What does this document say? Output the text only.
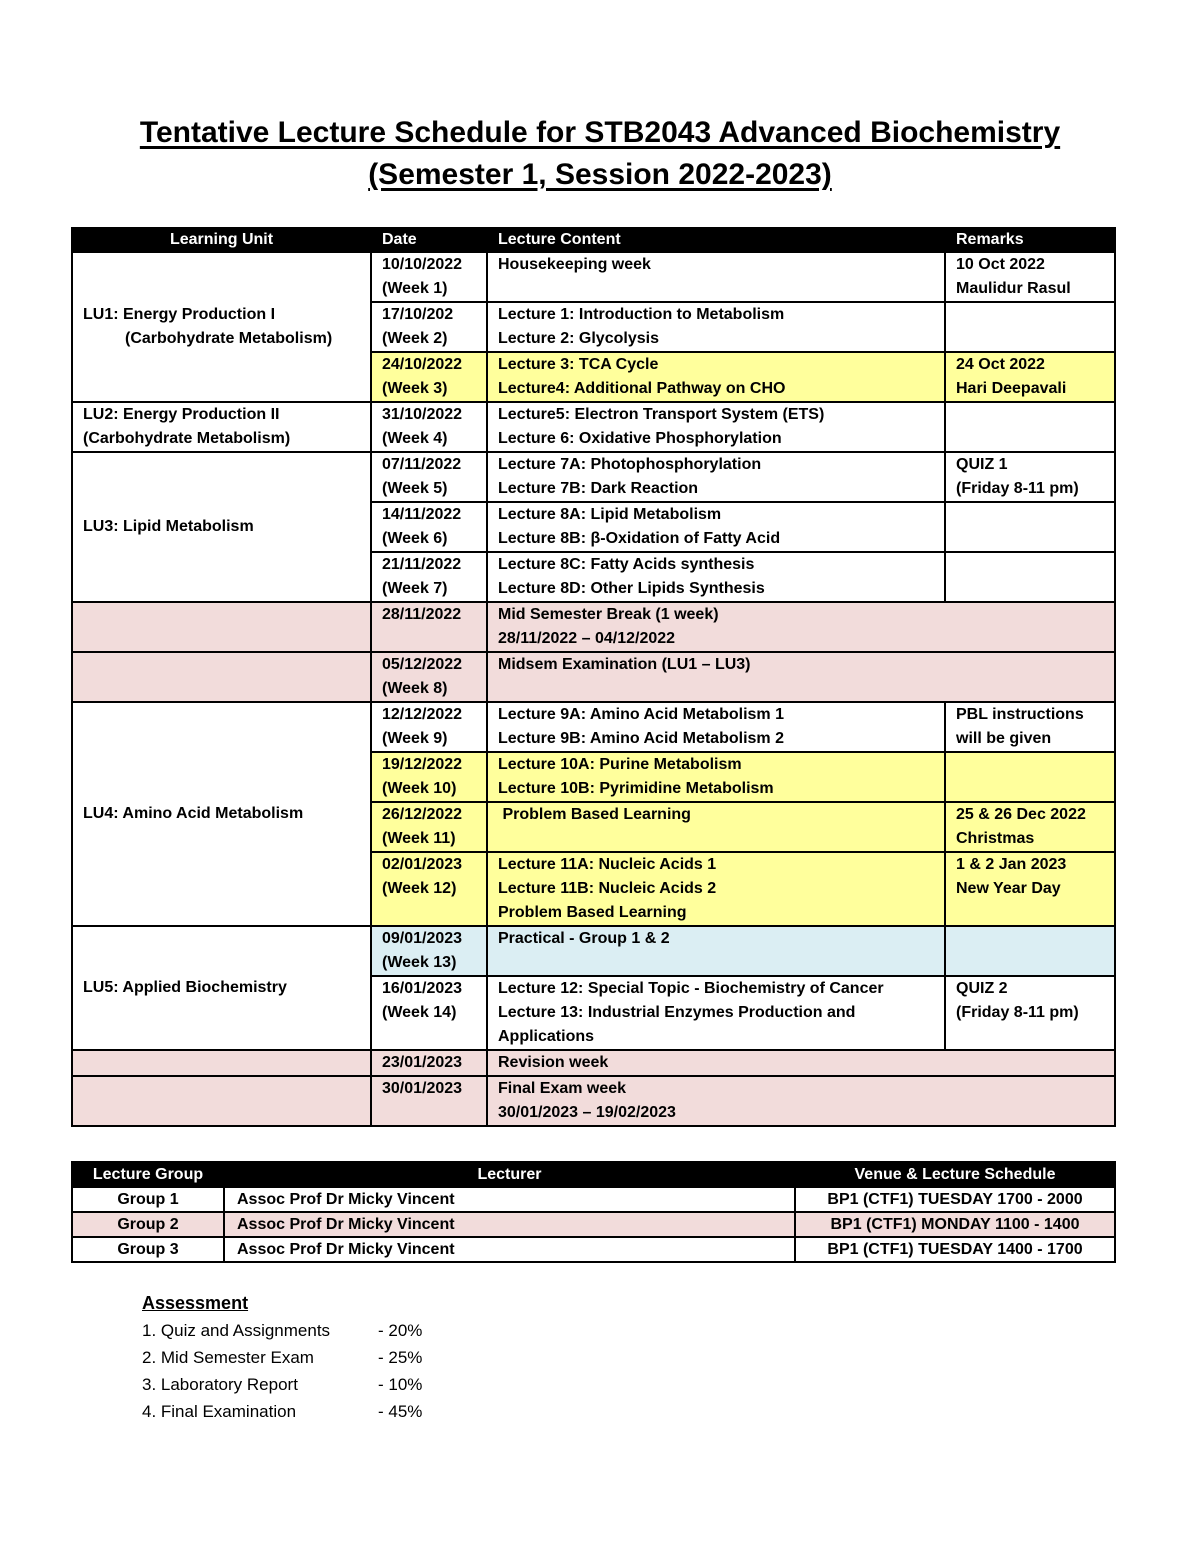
Tentative Lecture Schedule for STB2043 Advanced Biochemistry
(Semester 1, Session 2022-2023)
Learning Unit	Date	Lecture Content	Remarks

LU1: Energy Production I
(Carbohydrate Metabolism)	10/10/2022
(Week 1)	Housekeeping week	10 Oct 2022
Maulidur Rasul

	17/10/202
(Week 2)	Lecture 1: Introduction to Metabolism
Lecture 2: Glycolysis	

	24/10/2022
(Week 3)	Lecture 3: TCA Cycle
Lecture4: Additional Pathway on CHO	24 Oct 2022
Hari Deepavali

LU2: Energy Production II
(Carbohydrate Metabolism)	31/10/2022
(Week 4)	Lecture5: Electron Transport System (ETS)
Lecture 6: Oxidative Phosphorylation	

LU3: Lipid Metabolism	07/11/2022
(Week 5)	Lecture 7A: Photophosphorylation
Lecture 7B: Dark Reaction	QUIZ 1
(Friday 8-11 pm)

	14/11/2022
(Week 6)	Lecture 8A: Lipid Metabolism
Lecture 8B: β-Oxidation of Fatty Acid	

	21/11/2022
(Week 7)	Lecture 8C: Fatty Acids synthesis
Lecture 8D: Other Lipids Synthesis	

	28/11/2022	Mid Semester Break (1 week)
28/11/2022 – 04/12/2022	

	05/12/2022
(Week 8)	Midsem Examination (LU1 – LU3)	

LU4: Amino Acid Metabolism	12/12/2022
(Week 9)	Lecture 9A: Amino Acid Metabolism 1
Lecture 9B: Amino Acid Metabolism 2	PBL instructions
will be given

	19/12/2022
(Week 10)	Lecture 10A: Purine Metabolism
Lecture 10B: Pyrimidine Metabolism	

	26/12/2022
(Week 11)	Problem Based Learning	25 & 26 Dec 2022
Christmas

	02/01/2023
(Week 12)	Lecture 11A: Nucleic Acids 1
Lecture 11B: Nucleic Acids 2
Problem Based Learning	1 & 2 Jan 2023
New Year Day

LU5: Applied Biochemistry	09/01/2023
(Week 13)	Practical - Group 1 & 2	

	16/01/2023
(Week 14)	Lecture 12: Special Topic - Biochemistry of Cancer
Lecture 13: Industrial Enzymes Production and
Applications	QUIZ 2
(Friday 8-11 pm)

	23/01/2023	Revision week	

	30/01/2023	Final Exam week
30/01/2023 – 19/02/2023	
Lecture Group	Lecturer	Venue & Lecture Schedule
Group 1	Assoc Prof Dr Micky Vincent	BP1 (CTF1) TUESDAY 1700 - 2000
Group 2	Assoc Prof Dr Micky Vincent	BP1 (CTF1) MONDAY 1100 - 1400
Group 3	Assoc Prof Dr Micky Vincent	BP1 (CTF1) TUESDAY 1400 - 1700
Assessment
1. Quiz and Assignments	- 20%
2. Mid Semester Exam	- 25%
3. Laboratory Report	- 10%
4. Final Examination	- 45%
